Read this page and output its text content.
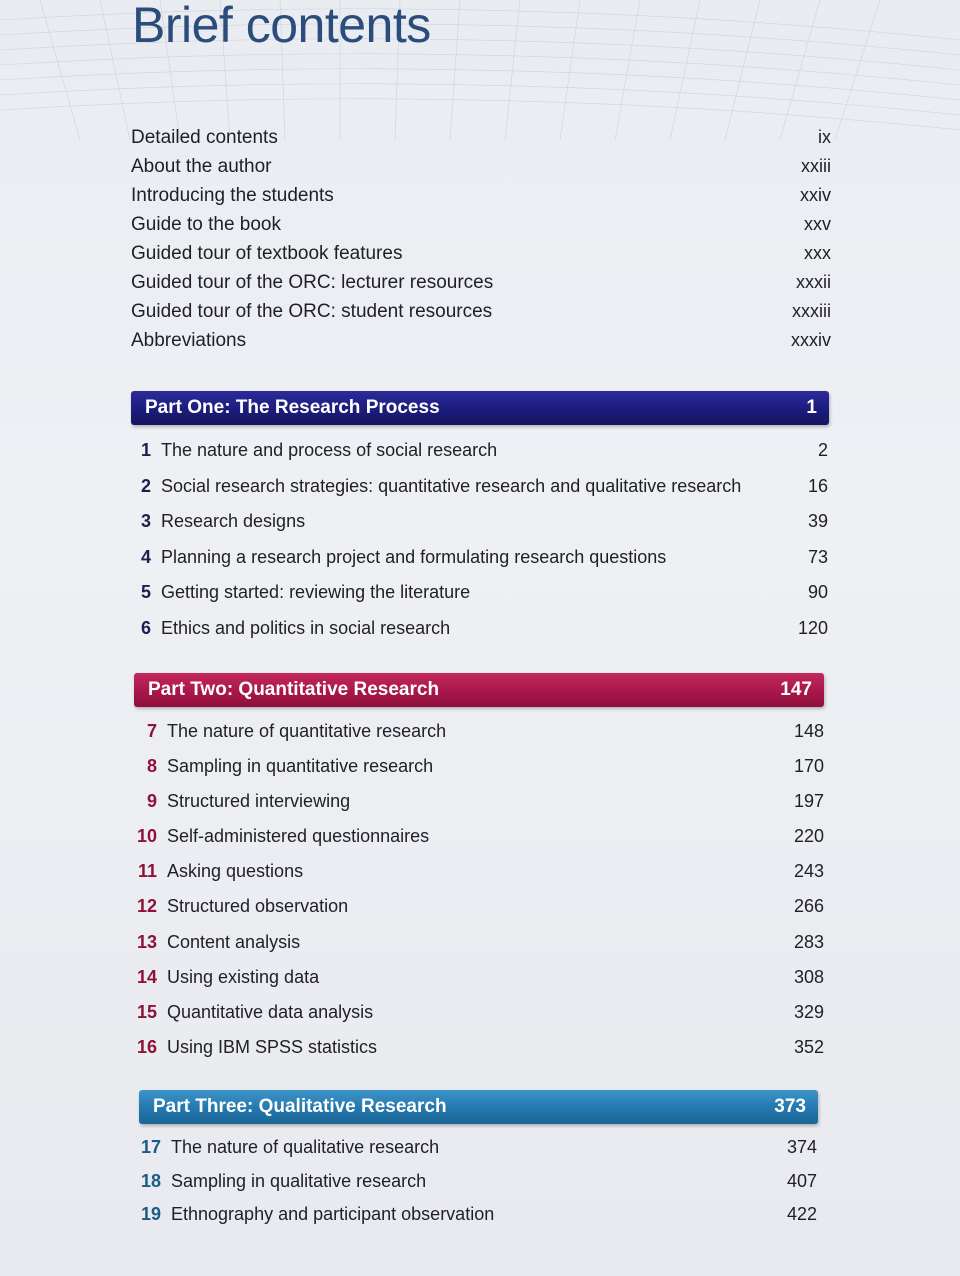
Brief contents
Detailed contents	ix
About the author	xxiii
Introducing the students	xxiv
Guide to the book	xxv
Guided tour of textbook features	xxx
Guided tour of the ORC: lecturer resources	xxxii
Guided tour of the ORC: student resources	xxxiii
Abbreviations	xxxiv
Part One: The Research Process	1
1 The nature and process of social research	2
2 Social research strategies: quantitative research and qualitative research	16
3 Research designs	39
4 Planning a research project and formulating research questions	73
5 Getting started: reviewing the literature	90
6 Ethics and politics in social research	120
Part Two: Quantitative Research	147
7 The nature of quantitative research	148
8 Sampling in quantitative research	170
9 Structured interviewing	197
10 Self-administered questionnaires	220
11 Asking questions	243
12 Structured observation	266
13 Content analysis	283
14 Using existing data	308
15 Quantitative data analysis	329
16 Using IBM SPSS statistics	352
Part Three: Qualitative Research	373
17 The nature of qualitative research	374
18 Sampling in qualitative research	407
19 Ethnography and participant observation	422
